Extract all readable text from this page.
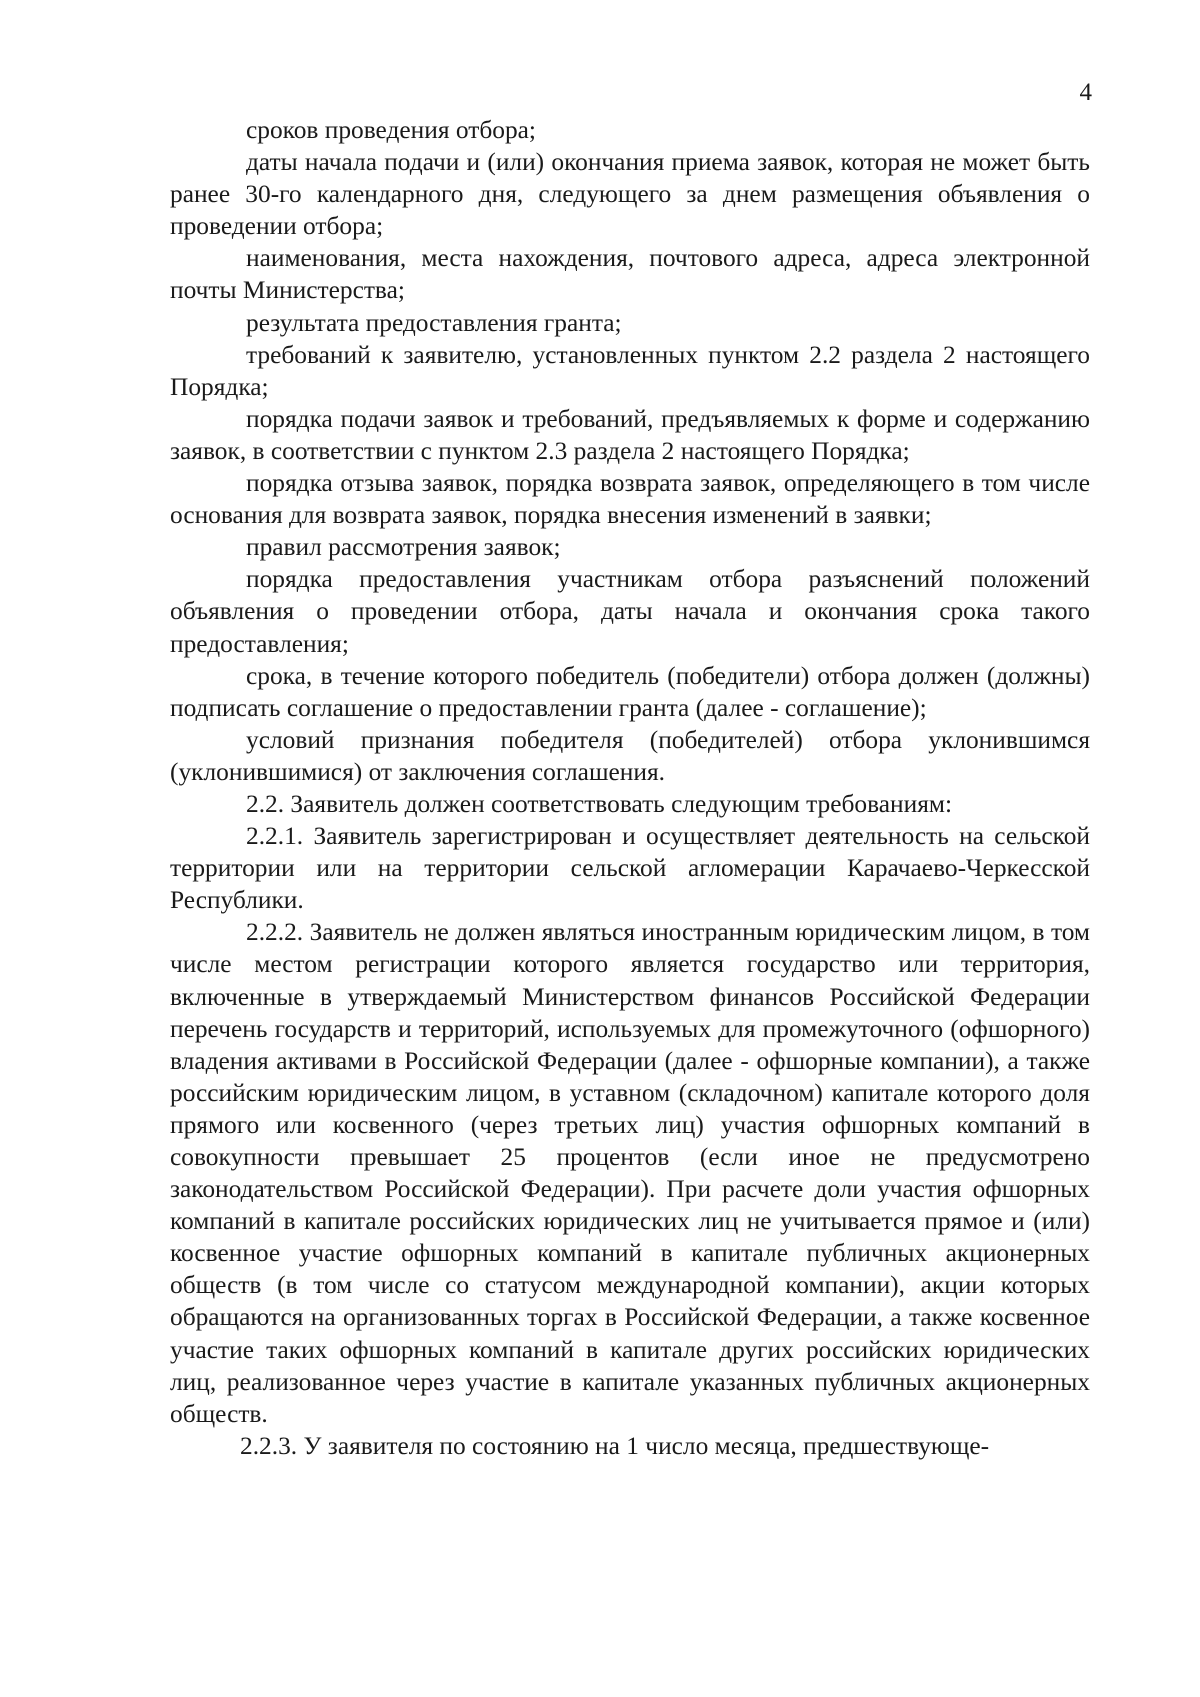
4

сроков проведения отбора;

даты начала подачи и (или) окончания приема заявок, которая не может быть ранее 30-го календарного дня, следующего за днем размещения объявления о проведении отбора;

наименования, места нахождения, почтового адреса, адреса электронной почты Министерства;

результата предоставления гранта;

требований к заявителю, установленных пунктом 2.2 раздела 2 настоящего Порядка;

порядка подачи заявок и требований, предъявляемых к форме и содержанию заявок, в соответствии с пунктом 2.3 раздела 2 настоящего Порядка;

порядка отзыва заявок, порядка возврата заявок, определяющего в том числе основания для возврата заявок, порядка внесения изменений в заявки;

правил рассмотрения заявок;

порядка предоставления участникам отбора разъяснений положений объявления о проведении отбора, даты начала и окончания срока такого предоставления;

срока, в течение которого победитель (победители) отбора должен (должны) подписать соглашение о предоставлении гранта (далее - соглашение);

условий признания победителя (победителей) отбора уклонившимся (уклонившимися) от заключения соглашения.

2.2. Заявитель должен соответствовать следующим требованиям:

2.2.1. Заявитель зарегистрирован и осуществляет деятельность на сельской территории или на территории сельской агломерации Карачаево-Черкесской Республики.

2.2.2. Заявитель не должен являться иностранным юридическим лицом, в том числе местом регистрации которого является государство или территория, включенные в утверждаемый Министерством финансов Российской Федерации перечень государств и территорий, используемых для промежуточного (офшорного) владения активами в Российской Федерации (далее - офшорные компании), а также российским юридическим лицом, в уставном (складочном) капитале которого доля прямого или косвенного (через третьих лиц) участия офшорных компаний в совокупности превышает 25 процентов (если иное не предусмотрено законодательством Российской Федерации). При расчете доли участия офшорных компаний в капитале российских юридических лиц не учитывается прямое и (или) косвенное участие офшорных компаний в капитале публичных акционерных обществ (в том числе со статусом международной компании), акции которых обращаются на организованных торгах в Российской Федерации, а также косвенное участие таких офшорных компаний в капитале других российских юридических лиц, реализованное через участие в капитале указанных публичных акционерных обществ.

2.2.3. У заявителя по состоянию на 1 число месяца, предшествующе-
